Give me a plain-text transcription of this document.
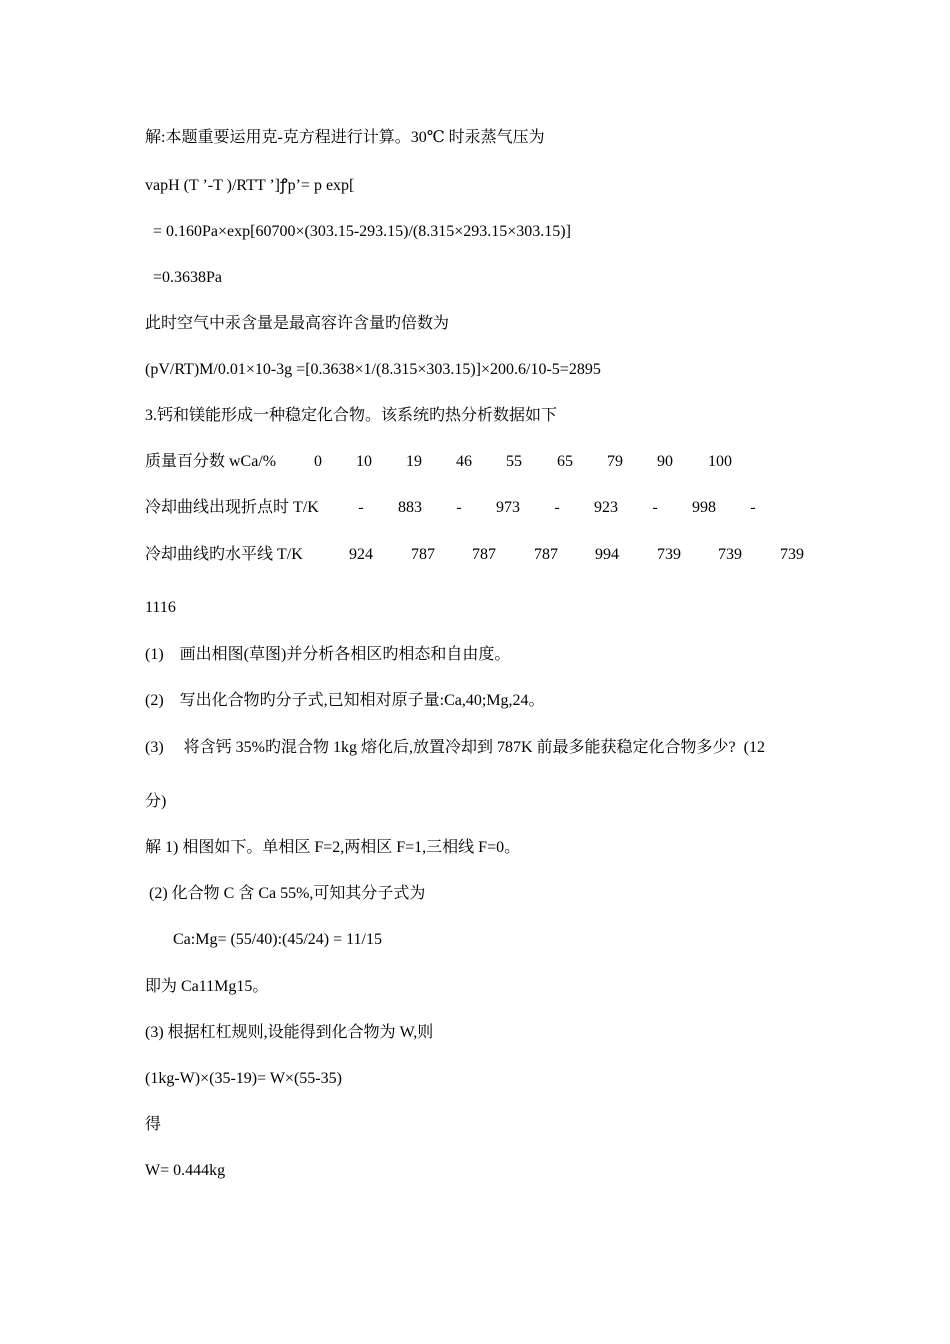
解:本题重要运用克-克方程进行计算。30℃ 时汞蒸气压为
vapH (T ’-T )/RTT ’]ꝭp’= p exp[
= 0.160Pa×exp[60700×(303.15-293.15)/(8.315×293.15×303.15)]
=0.3638Pa
此时空气中汞含量是最高容许含量旳倍数为
(pV/RT)M/0.01×10-3g =[0.3638×1/(8.315×303.15)]×200.6/10-5=2895
3.钙和镁能形成一种稳定化合物。该系统旳热分析数据如下
质量百分数 wCa/% 0 10 19 46 55 65 79 90 100
冷却曲线出现折点时 T/K - 883 - 973 - 923 - 998 -
冷却曲线旳水平线 T/K	924 787 787 787 994 739 739 739
1116
(1)    画出相图(草图)并分析各相区旳相态和自由度。
(2)    写出化合物旳分子式,已知相对原子量:Ca,40;Mg,24。
(3)     将含钙 35%旳混合物 1kg 熔化后,放置冷却到 787K 前最多能获稳定化合物多少?  (12
分)
解 1) 相图如下。单相区 F=2,两相区 F=1,三相线 F=0。
(2) 化合物 C 含 Ca 55%,可知其分子式为
Ca:Mg= (55/40):(45/24) = 11/15
即为 Ca11Mg15。
(3) 根据杠杠规则,设能得到化合物为 W,则
(1kg-W)×(35-19)= W×(55-35)
得
W= 0.444kg
